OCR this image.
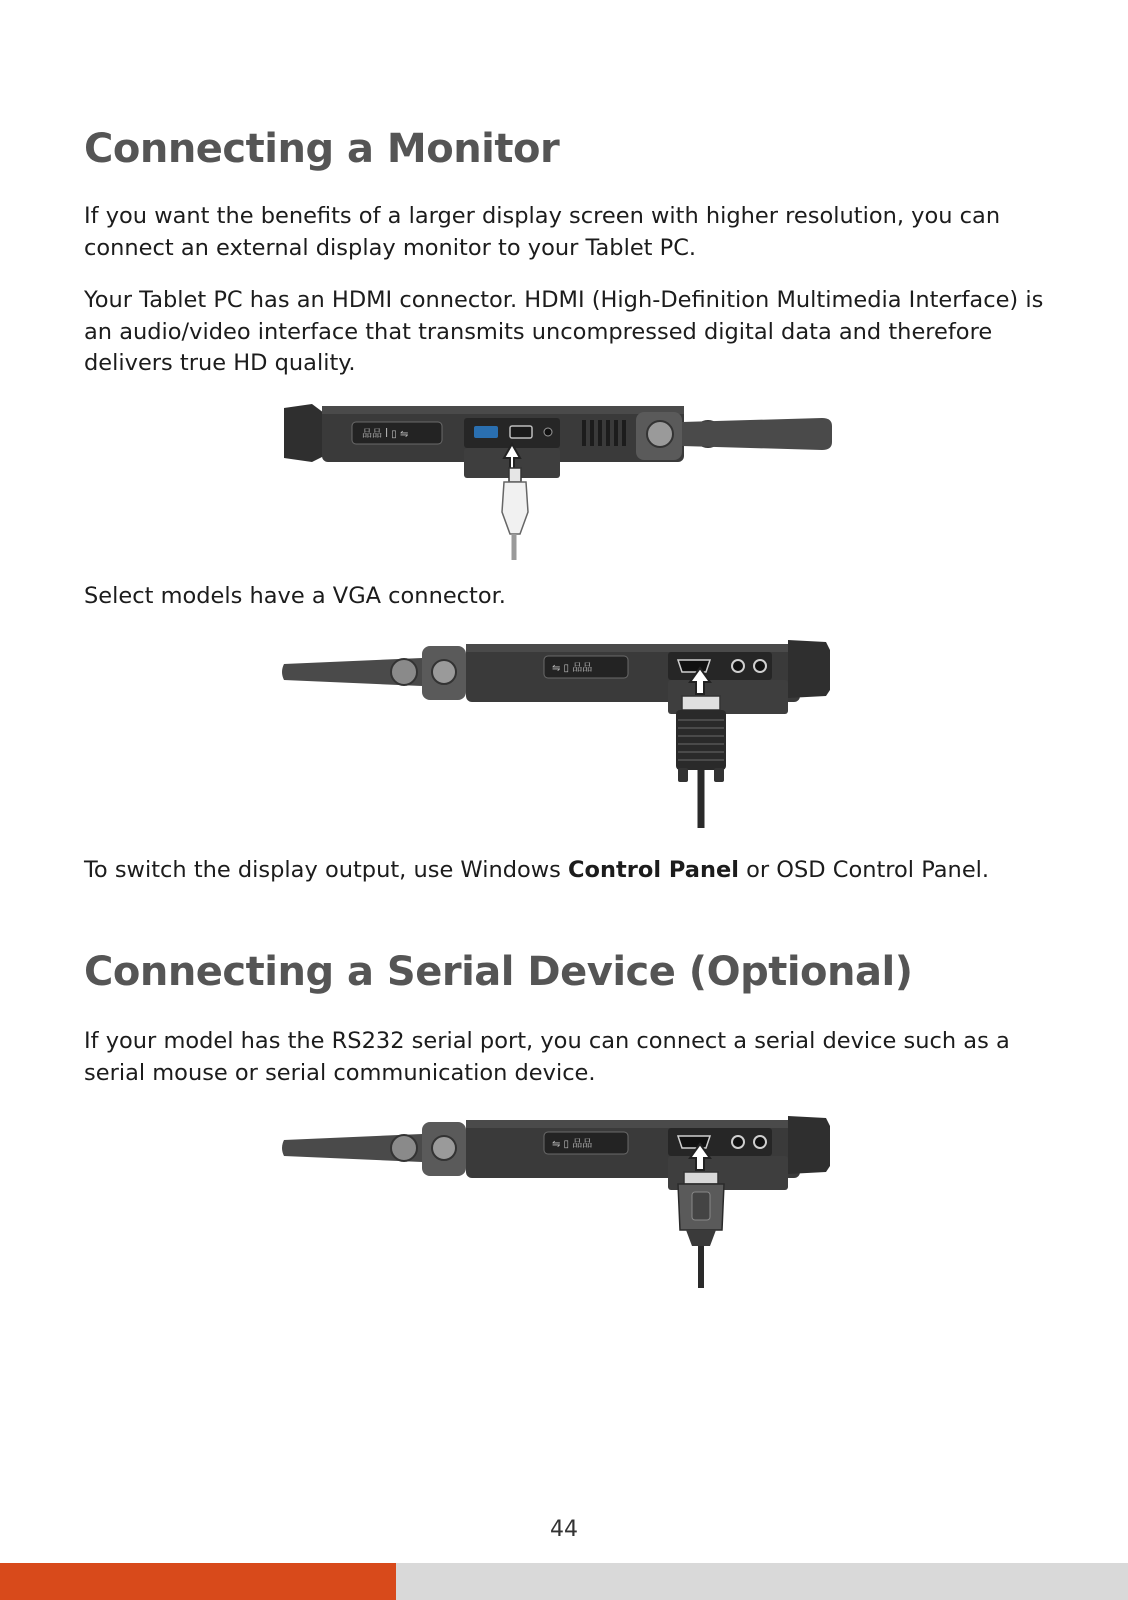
Connecting a Monitor

If you want the benefits of a larger display screen with higher resolution, you can connect an external display monitor to your Tablet PC.

Your Tablet PC has an HDMI connector. HDMI (High-Definition Multimedia Interface) is an audio/video interface that transmits uncompressed digital data and therefore delivers true HD quality.

品品 ꟾ ▯ ⇋

Select models have a VGA connector.

⇋ ▯ 品品

To switch the display output, use Windows Control Panel or OSD Control Panel.

Connecting a Serial Device (Optional)

If your model has the RS232 serial port, you can connect a serial device such as a serial mouse or serial communication device.

⇋ ▯ 品品
44
